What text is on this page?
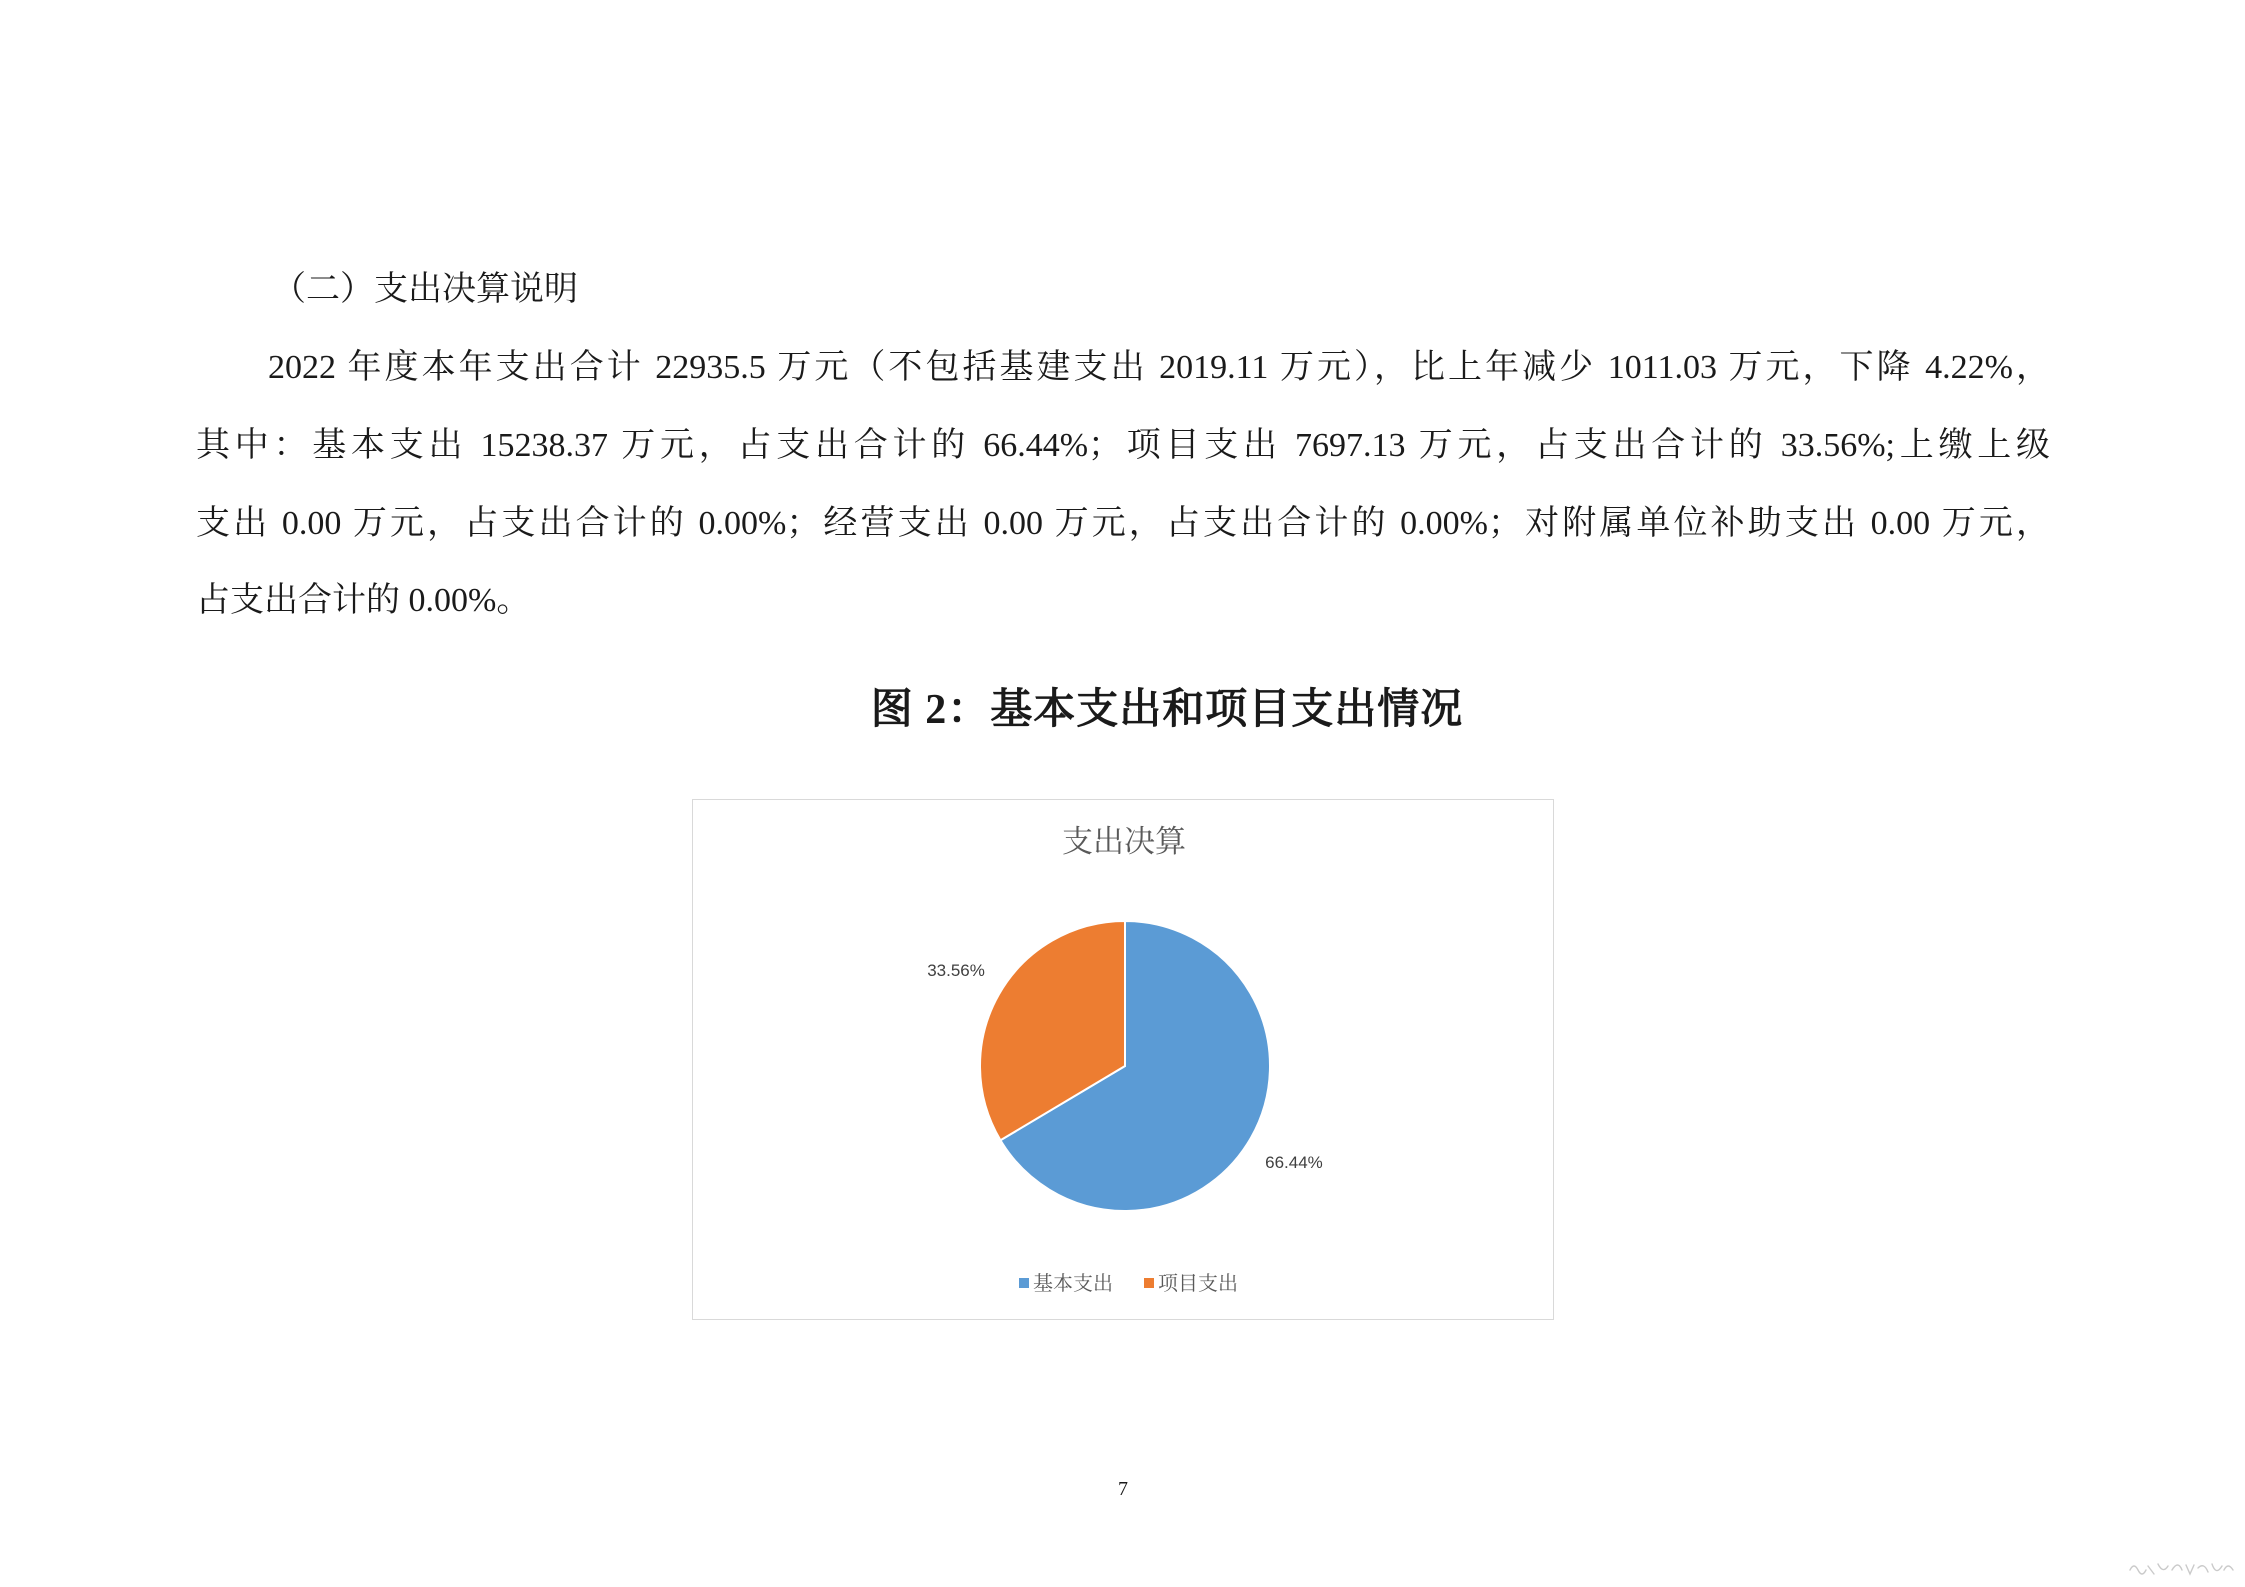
（二）支出决算说明
2022 年度本年支出合计 22935.5 万元（不包括基建支出 2019.11 万元），比上年减少 1011.03 万元，下降 4.22%，
其中：基本支出 15238.37 万元，占支出合计的 66.44%；项目支出 7697.13 万元，占支出合计的 33.56%;上缴上级
支出 0.00 万元，占支出合计的 0.00%；经营支出 0.00 万元，占支出合计的 0.00%；对附属单位补助支出 0.00 万元，
占支出合计的 0.00%。
图 2：基本支出和项目支出情况
支出决算
66.44%
33.56%
基本支出 项目支出
7
